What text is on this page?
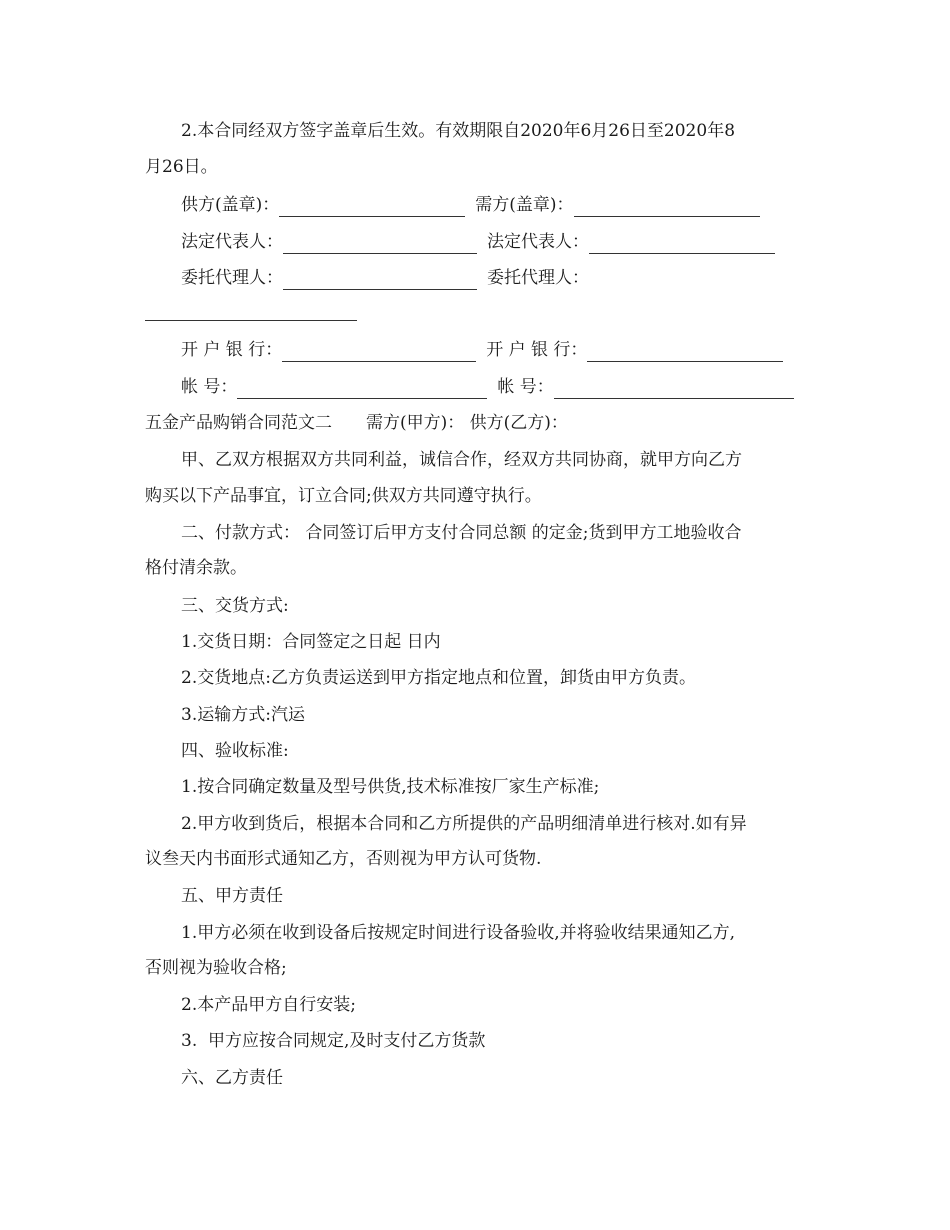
2.本合同经双方签字盖章后生效。有效期限自2020年6月26日至2020年8
月26日。
供方(盖章)：	需方(盖章)：
法定代表人：	法定代表人：
委托代理人：	委托代理人：
开 户 银 行：	开 户 银 行：
帐 号：	帐 号：
五金产品购销合同范文二　　需方(甲方)： 供方(乙方)：
甲、乙双方根据双方共同利益，诚信合作，经双方共同协商，就甲方向乙方
购买以下产品事宜，订立合同;供双方共同遵守执行。
二、付款方式： 合同签订后甲方支付合同总额 的定金;货到甲方工地验收合
格付清余款。
三、交货方式:
1.交货日期：合同签定之日起 日内
2.交货地点:乙方负责运送到甲方指定地点和位置，卸货由甲方负责。
3.运输方式:汽运
四、验收标准:
1.按合同确定数量及型号供货,技术标准按厂家生产标准;
2.甲方收到货后，根据本合同和乙方所提供的产品明细清单进行核对.如有异
议叁天内书面形式通知乙方，否则视为甲方认可货物.
五、甲方责任
1.甲方必须在收到设备后按规定时间进行设备验收,并将验收结果通知乙方,
否则视为验收合格;
2.本产品甲方自行安装;
3.  甲方应按合同规定,及时支付乙方货款
六、乙方责任
